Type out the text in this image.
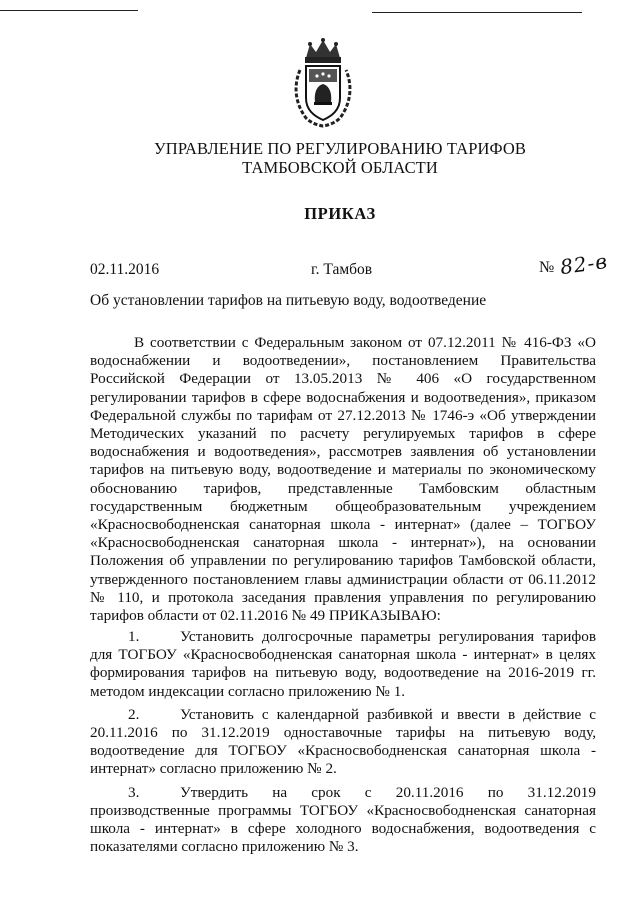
УПРАВЛЕНИЕ ПО РЕГУЛИРОВАНИЮ ТАРИФОВ
ТАМБОВСКОЙ ОБЛАСТИ
ПРИКАЗ
02.11.2016	г. Тамбов	№ 82-в
Об установлении тарифов на питьевую воду, водоотведение

В соответствии с Федеральным законом от 07.12.2011 № 416-ФЗ «О водоснабжении и водоотведении», постановлением Правительства Российской Федерации от 13.05.2013 № 406 «О государственном регулировании тарифов в сфере водоснабжения и водоотведения», приказом Федеральной службы по тарифам от 27.12.2013 № 1746-э «Об утверждении Методических указаний по расчету регулируемых тарифов в сфере водоснабжения и водоотведения», рассмотрев заявления об установлении тарифов на питьевую воду, водоотведение и материалы по экономическому обоснованию тарифов, представленные Тамбовским областным государственным бюджетным общеобразовательным учреждением «Красносвободненская санаторная школа - интернат» (далее – ТОГБОУ «Красносвободненская санаторная школа - интернат»), на основании Положения об управлении по регулированию тарифов Тамбовской области, утвержденного постановлением главы администрации области от 06.11.2012 № 110, и протокола заседания правления управления по регулированию тарифов области от 02.11.2016 № 49 ПРИКАЗЫВАЮ:

1.	Установить долгосрочные параметры регулирования тарифов для ТОГБОУ «Красносвободненская санаторная школа - интернат» в целях формирования тарифов на питьевую воду, водоотведение на 2016-2019 гг. методом индексации согласно приложению № 1.

2.	Установить с календарной разбивкой и ввести в действие с 20.11.2016 по 31.12.2019 одноставочные тарифы на питьевую воду, водоотведение для ТОГБОУ «Красносвободненская санаторная школа - интернат» согласно приложению № 2.

3.	Утвердить на срок с 20.11.2016 по 31.12.2019 производственные программы ТОГБОУ «Красносвободненская санаторная школа - интернат» в сфере холодного водоснабжения, водоотведения с показателями согласно приложению № 3.
